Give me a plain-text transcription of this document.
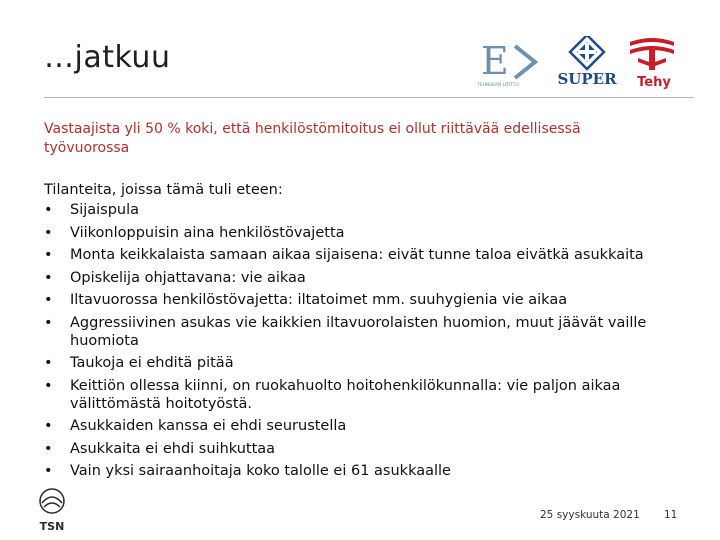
…jatkuu	E
TEHNIIKAN LÖITTO	SUPER Tehy
Vastaajista yli 50 % koki, että henkilöstömitoitus ei ollut riittävää edellisessä työvuorossa

Tilanteita, joissa tämä tuli eteen:

• Sijaispula
• Viikonloppuisin aina henkilöstövajetta
• Monta keikkalaista samaan aikaa sijaisena: eivät tunne taloa eivätkä asukkaita
• Opiskelija ohjattavana: vie aikaa
• Iltavuorossa henkilöstövajetta: iltatoimet mm. suuhygienia vie aikaa
• Aggressiivinen asukas vie kaikkien iltavuorolaisten huomion, muut jäävät vaille huomiota
• Taukoja ei ehditä pitää
• Keittiön ollessa kiinni, on ruokahuolto hoitohenkilökunnalla: vie paljon aikaa välittömästä hoitotyöstä.
• Asukkaiden kanssa ei ehdi seurustella
• Asukkaita ei ehdi suihkuttaa
• Vain yksi sairaanhoitaja koko talolle ei 61 asukkaalle
TSN
25 syyskuuta 2021 11
